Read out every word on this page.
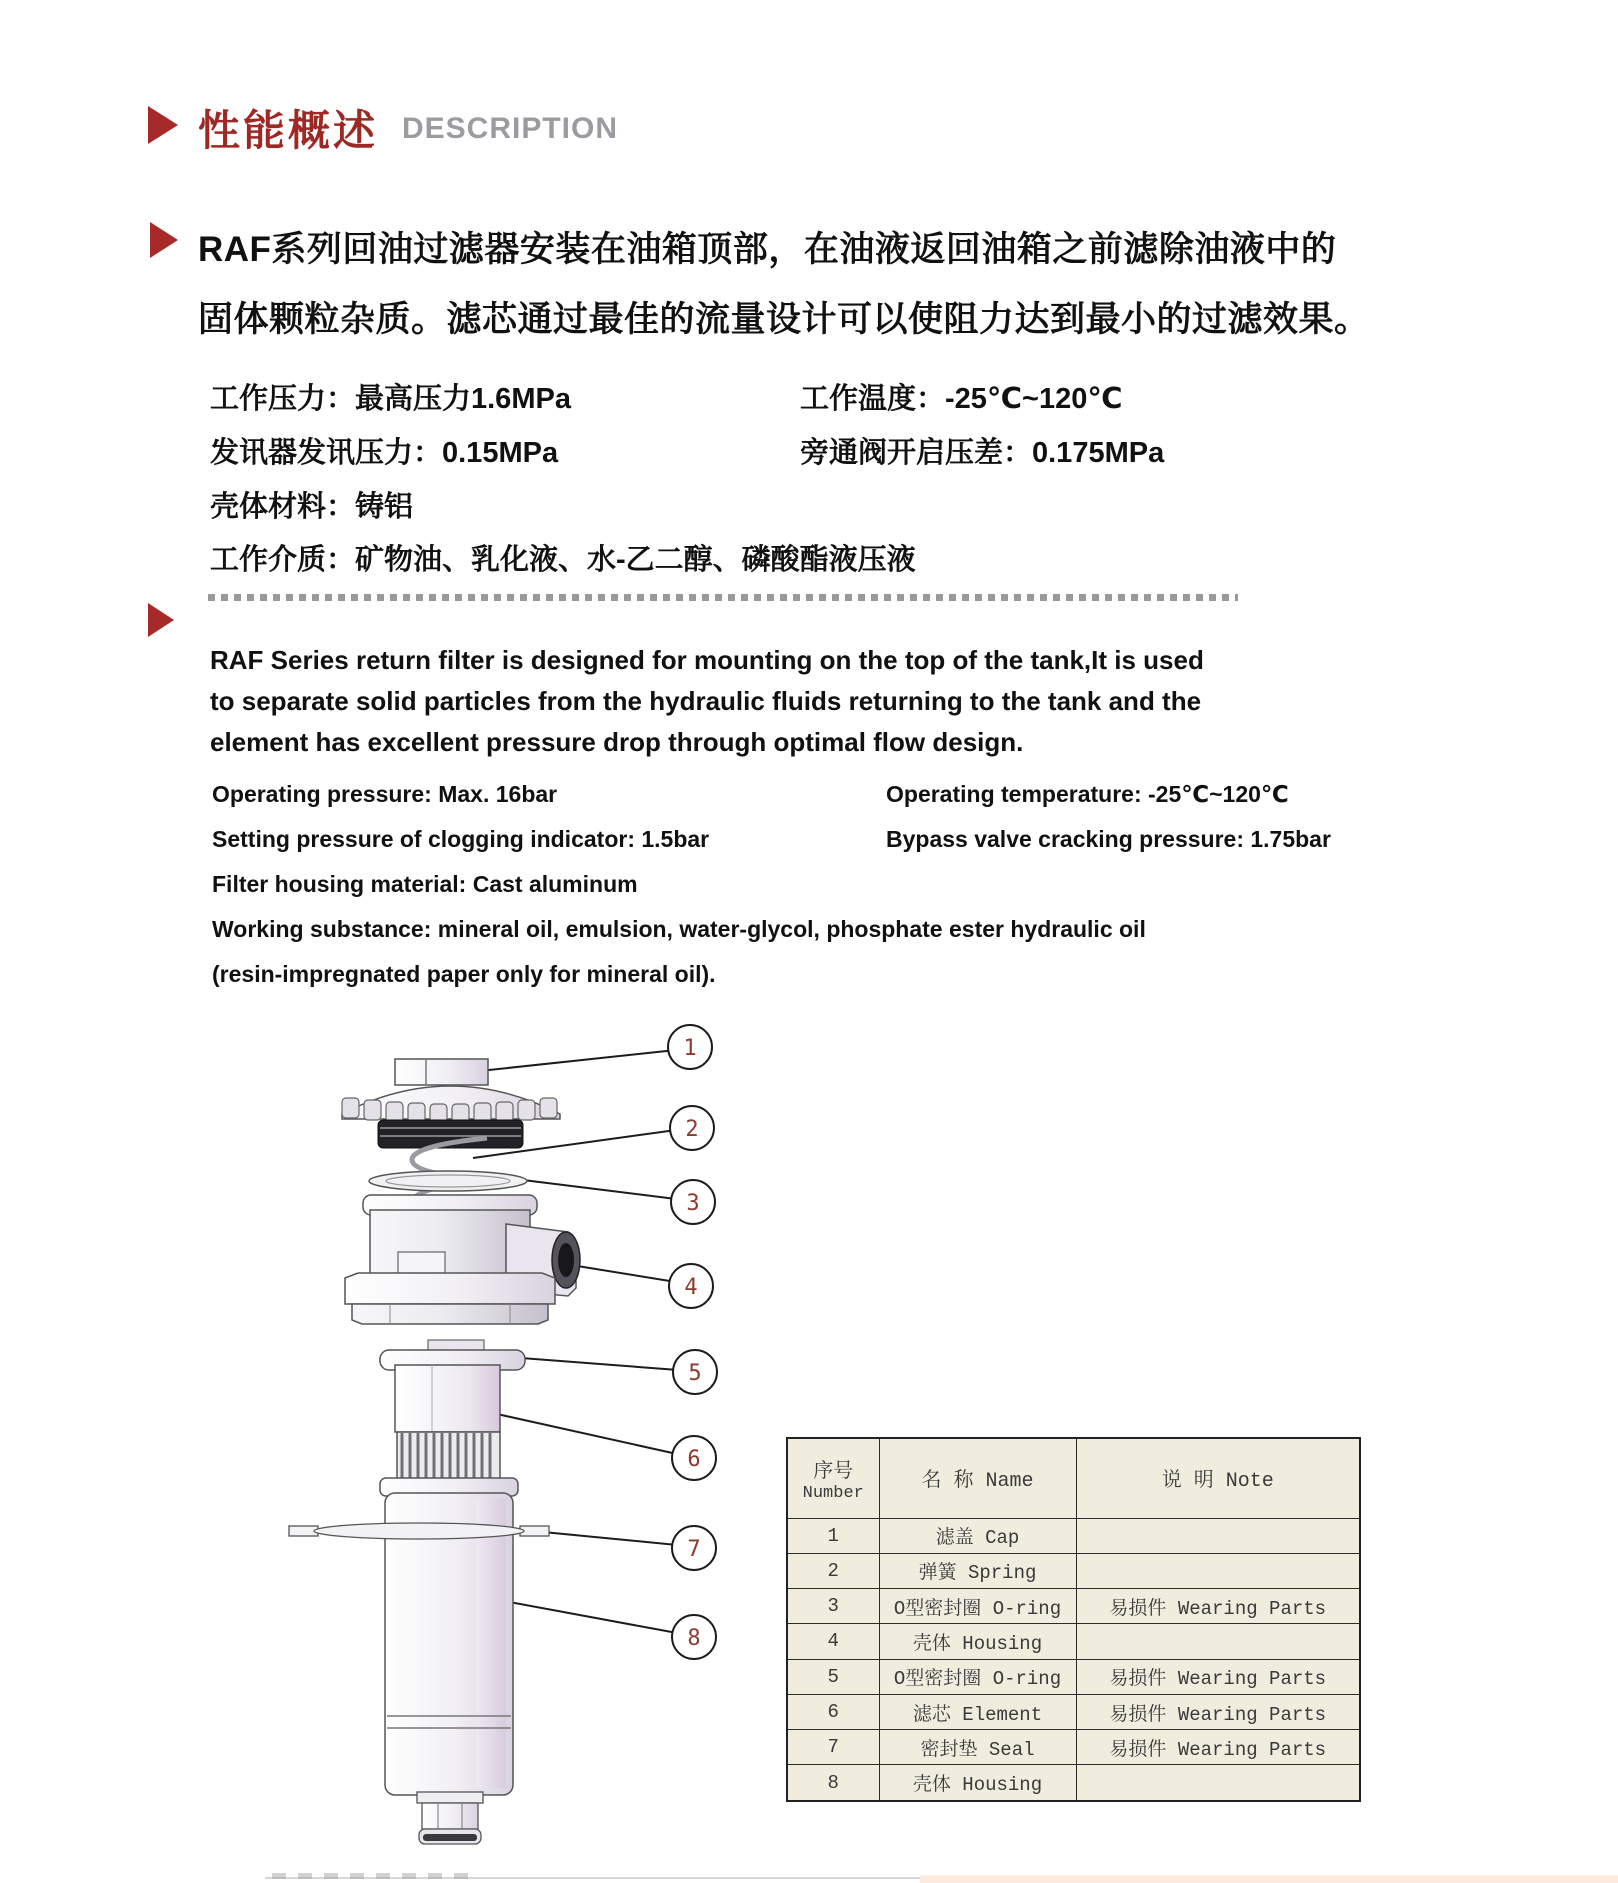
性能概述 DESCRIPTION
RAF系列回油过滤器安装在油箱顶部，在油液返回油箱之前滤除油液中的
固体颗粒杂质。滤芯通过最佳的流量设计可以使阻力达到最小的过滤效果。
工作压力：最高压力1.6MPa	工作温度：-25℃~120℃
发讯器发讯压力：0.15MPa	旁通阀开启压差：0.175MPa
壳体材料：铸铝
工作介质：矿物油、乳化液、水-乙二醇、磷酸酯液压液
RAF Series return filter is designed for mounting on the top of the tank,It is used
to separate solid particles from the hydraulic fluids returning to the tank and the
element has excellent pressure drop through optimal flow design.
Operating pressure: Max. 16bar	Operating temperature: -25℃~120℃
Setting pressure of clogging indicator: 1.5bar	Bypass valve cracking pressure: 1.75bar
Filter housing material: Cast aluminum
Working substance: mineral oil, emulsion, water-glycol, phosphate ester hydraulic oil
(resin-impregnated paper only for mineral oil).
1
2
3
4
5
6
7
8
序号
Number	名 称 Name	说 明 Note
1	滤盖 Cap	
2	弹簧 Spring	
3	O型密封圈 O-ring	易损件 Wearing Parts
4	壳体 Housing	
5	O型密封圈 O-ring	易损件 Wearing Parts
6	滤芯 Element	易损件 Wearing Parts
7	密封垫 Seal	易损件 Wearing Parts
8	壳体 Housing	
